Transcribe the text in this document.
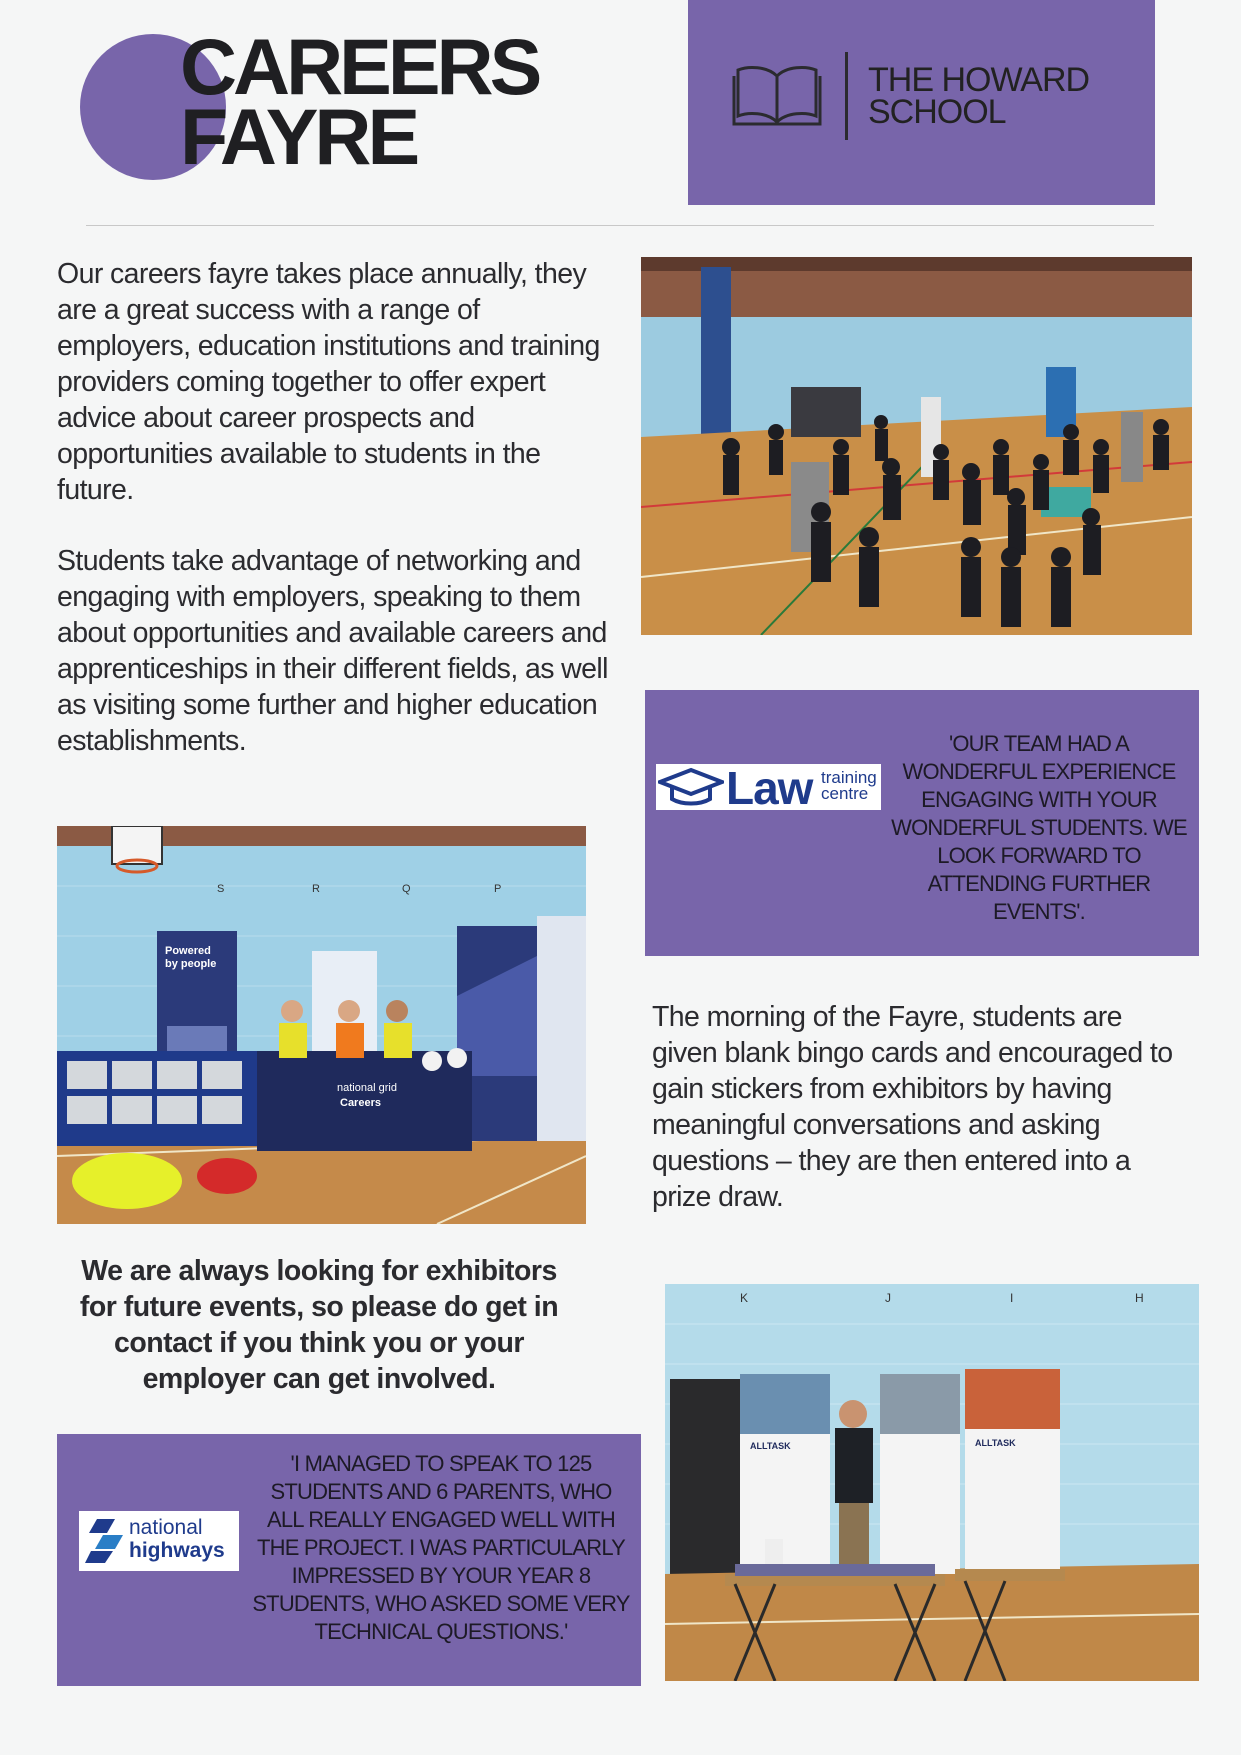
CAREERS
FAYRE
THE HOWARD
SCHOOL

Our careers fayre takes place annually, they are a great success with a range of employers, education institutions and training providers coming together to offer expert advice about career prospects and opportunities available to students in the future.

Students take advantage of networking and engaging with employers, speaking to them about opportunities and available careers and apprenticeships in their different fields, as well as visiting some further and higher education establishments.

Law training
centre

'OUR TEAM HAD A WONDERFUL EXPERIENCE ENGAGING WITH YOUR WONDERFUL STUDENTS. WE LOOK FORWARD TO ATTENDING FURTHER EVENTS'.

S	R	Q	P
Powered
by people
national grid
Careers

The morning of the Fayre, students are given blank bingo cards and encouraged to gain stickers from exhibitors by having meaningful conversations and asking questions – they are then entered into a prize draw.

We are always looking for exhibitors for future events, so please do get in contact if you think you or your employer can get involved.

national
highways

'I MANAGED TO SPEAK TO 125 STUDENTS AND 6 PARENTS, WHO ALL REALLY ENGAGED WELL WITH THE PROJECT. I WAS PARTICULARLY IMPRESSED BY YOUR YEAR 8 STUDENTS, WHO ASKED SOME VERY TECHNICAL QUESTIONS.'

K	J	I	H
ALLTASK	ALLTASK
